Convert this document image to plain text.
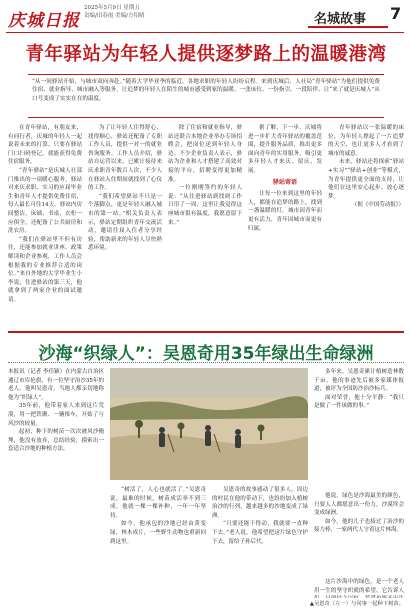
庆城日报
2025年5月9日 星期五
责编/田春霞 美编/方绍晴	名城故事 7
青年驿站为年轻人提供逐梦路上的温暖港湾
“从一间驿站开始，与城市双向奔赴。”随着大学毕业季的临近，各地求职的年轻人纷纷启程。来到庆城后，人社局“青年驿站”为他们提供免费住宿、就业指导、城市融入等服务，让追梦的年轻人在陌生的城市感受到家的温暖。一张床位、一份指引、一段陪伴，让“来了就是庆城人”从口号变成了实实在在的温度。

在青年驿站，有朋友来，有同行者，庆城的年轻人一起说着未来的打算。只要在驿站门口扫码登记，就能获得免费住宿服务。

“青年驿站”是庆城人社部门推出的一项暖心服务，驿站对来庆求职、实习的应届毕业生和青年人才提供免费住宿，每人最长可住14天。驿站内房间整洁，床铺、书桌、衣柜一应俱全，还配备了公共厨房和洗衣房。

“我们在驿站里不但有房住，还能参加就业讲座、政策解读和企业参观，工作人员会根据我的专业推荐合适的岗位。”来自外地的大学毕业生小李说，住进驿站的第三天，他就拿到了两家企业的面试邀请。

为了让年轻人住得舒心、找得顺心，驿站还配备了专职工作人员，提供一对一的就业咨询服务。工作人员介绍，驿站自运营以来，已累计接待来庆求职青年数百人次，不少人在驿站入住期间就找到了心仪的工作。

“我们希望驿站不只是一个落脚点，更是年轻人融入城市的第一站。”相关负责人表示，驿站定期组织青年交流活动，邀请往届入住者分享经验，帮助新来的年轻人尽快熟悉环境。

除了住宿和就业指导，驿站还联合本地企业举办专场招聘会，把岗位送到年轻人身边。不少企业负责人表示，驿站为企业和人才搭建了高效对接的平台，招聘变得更加精准。

一位刚刚签约的年轻人说：“从住进驿站到找到工作只用了一周，这里让我觉得这座城市很有温度，我愿意留下来。”

据了解，下一步，庆城将进一步扩大青年驿站的覆盖范围，提升服务品质，推出更多面向青年的实用服务，吸引更多年轻人才来庆、留庆、发展。

驿站寄语

让每一位来到这里的年轻人，都能在追梦的路上，找到一盏温暖的灯。城市因青年而更有活力，青年因城市而更有归属。

青年驿站以一张温暖的床位，为年轻人撑起了一片追梦的天空，也让更多人才看到了城市的诚意。

未来，驿站还将探索“驿站+实习”“驿站+创业”等模式，为青年提供更全面的支持，让他们在这里安心起步、放心逐梦。

（据《中国劳动报》）

沙海“织绿人”：吴恩奇用35年绿出生命绿洲

本报讯（记者 李佳颖）在内蒙古自治区通辽市库伦旗，有一位坚守治沙35年的老人。他叫吴恩奇，当地人都亲切地称他为“织绿人”。

35年前，他带着家人来到这片荒漠，用一把铁锹、一辆推车，开始了与风沙的较量。

起初，种下的树苗一次次被风沙掩埋，他没有放弃，总结经验，摸索出一套适合沙地的种植方法。

“树活了，人心也就活了。”吴恩奇说，最难的时候，树苗成活率不到三成，他就一棵一棵补种，一年一年坚持。

如今，他承包的沙地已经由黄变绿，林木成片，一些野生动物也重新回到这里。

吴恩奇的故事感动了很多人。周边的村民在他的带动下，也纷纷加入植树治沙的行列，越来越多的沙地变成了绿洲。

“只要还能干得动，我就要一直种下去。”老人说，他希望把这片绿色守护下去，留给子孙后代。

多年来，吴恩奇累计植树造林数千亩，他的事迹先后被多家媒体报道，被评为全国防沙治沙标兵。

面对荣誉，他十分平静：“我只是做了一件该做的事。”

他说，绿色是沙海最美的颜色，只要人人都愿意出一份力，沙漠终会变成绿洲。

如今，他的儿子也接过了治沙的接力棒，一家两代人守着这片林海。

这片沙海中的绿色，是一个老人用一生的坚守织就的希望。它告诉人

▲吴恩奇（左一）与同事一起种下树苗。
